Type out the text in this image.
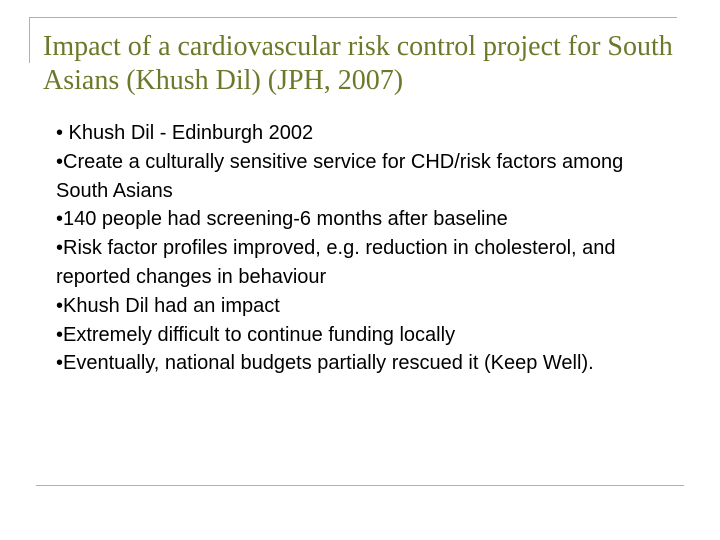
Impact of a cardiovascular risk control project for South Asians (Khush Dil) (JPH, 2007)
• Khush Dil - Edinburgh 2002
•Create a culturally sensitive service for CHD/risk factors among South Asians
•140 people had screening-6 months after baseline
•Risk factor profiles improved, e.g. reduction in cholesterol, and reported changes in behaviour
•Khush Dil had an impact
•Extremely difficult to continue funding locally
•Eventually, national budgets partially rescued it (Keep Well).
